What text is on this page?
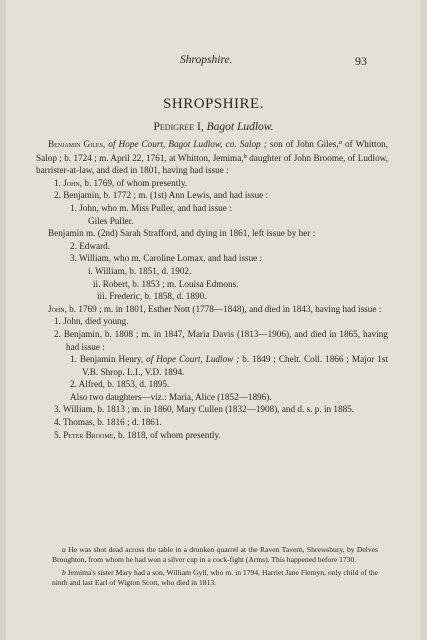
Shropshire.	93
SHROPSHIRE.
Pedigree I, Bagot Ludlow.

Benjamin Giles, of Hope Court, Bagot Ludlow, co. Salop ; son of John Giles,$^a$ of Whitton, Salop ; b. 1724 ; m. April 22, 1761, at Whitton, Jemima,$^b$ daughter of John Broome, of Ludlow, barrister-at-law, and died in 1801, having had issue :

1. John, b. 1769, of whom presently.

2. Benjamin, b. 1772 ; m. (1st) Ann Lewis, and had issue :

1. John, who m. Miss Puller, and had issue :

Giles Puller.

Benjamin m. (2nd) Sarah Strafford, and dying in 1861, left issue by her :

2. Edward.

3. William, who m. Caroline Lomax, and had issue :

i. William, b. 1851, d. 1902.

ii. Robert, b. 1853 ; m. Louisa Edmons.

iii. Frederic, b. 1858, d. 1890.

John, b. 1769 ; m. in 1801, Esther Nott (1778—1848), and died in 1843, having had issue :

1. John, died young.

2. Benjamin, b. 1808 ; m. in 1847, Maria Davis (1813—1906), and died in 1865, having had issue :

1. Benjamin Henry, of Hope Court, Ludlow ; b. 1849 ; Chelt. Coll. 1866 ; Major 1st V.B. Shrop. L.I., V.D. 1894.

2. Alfred, b. 1853, d. 1895.

Also two daughters—viz.: Maria, Alice (1852—1896).

3. William, b. 1813 ; m. in 1860, Mary Cullen (1832—1908), and d. s. p. in 1885.

4. Thomas, b. 1816 ; d. 1861.

5. Peter Broome, b. 1818, of whom presently.

a He was shot dead across the table in a drunken quarrel at the Raven Tavern, Shrewsbury, by Delves Broughton, from whom he had won a silver cup in a cock-fight (Arms). This happened before 1730.

b Jemima's sister Mary had a son, William Gyll, who m. in 1794, Harriet Jane Flemyn, only child of the ninth and last Earl of Wigton Scott, who died in 1813.
